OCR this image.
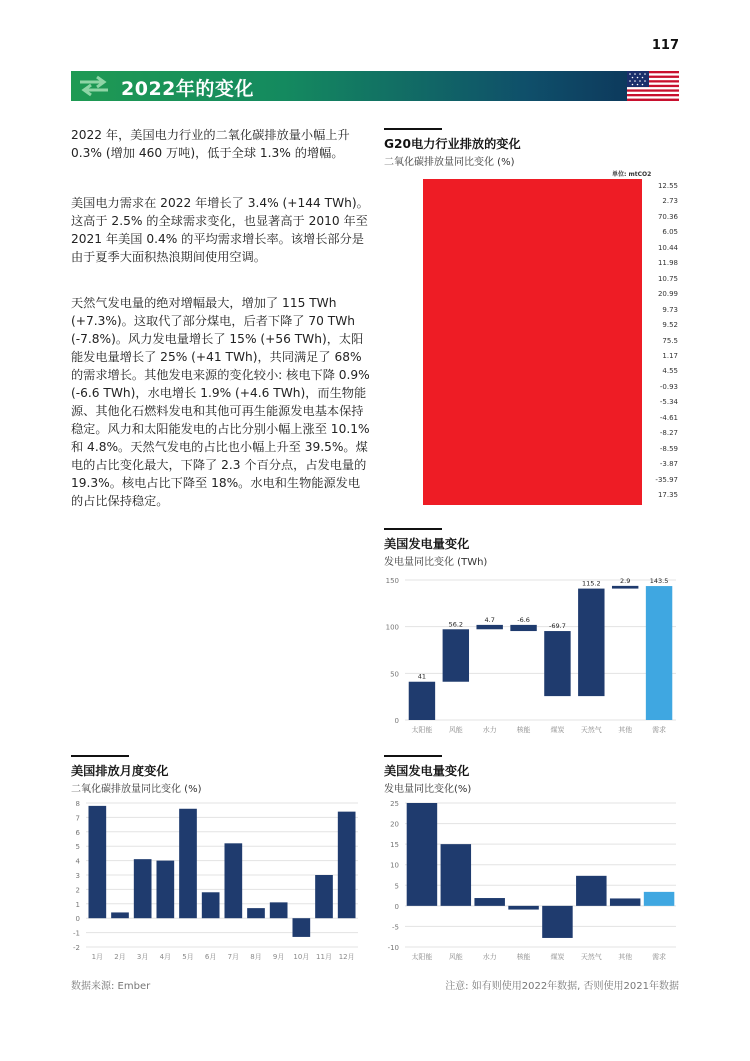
117
2022年的变化
2022 年，美国电力行业的二氧化碳排放量小幅上升 0.3% (增加 460 万吨)，低于全球 1.3% 的增幅。
美国电力需求在 2022 年增长了 3.4% (+144 TWh)。这高于 2.5% 的全球需求变化，也显著高于 2010 年至 2021 年美国 0.4% 的平均需求增长率。该增长部分是由于夏季大面积热浪期间使用空调。
天然气发电量的绝对增幅最大，增加了 115 TWh (+7.3%)。这取代了部分煤电，后者下降了 70 TWh (-7.8%)。风力发电量增长了 15% (+56 TWh)，太阳能发电量增长了 25% (+41 TWh)，共同满足了 68% 的需求增长。其他发电来源的变化较小: 核电下降 0.9% (-6.6 TWh)，水电增长 1.9% (+4.6 TWh)，而生物能源、其他化石燃料发电和其他可再生能源发电基本保持稳定。风力和太阳能发电的占比分别小幅上涨至 10.1% 和 4.8%。天然气发电的占比也小幅上升至 39.5%。煤电的占比变化最大，下降了 2.3 个百分点，占发电量的 19.3%。核电占比下降至 18%。水电和生物能源发电的占比保持稳定。
G20电力行业排放的变化
二氧化碳排放量同比变化 (%)
单位: mtCO2
12.55
2.73
70.36
6.05
10.44
11.98
10.75
20.99
9.73
9.52
75.5
1.17
4.55
-0.93
-5.34
-4.61
-8.27
-8.59
-3.87
-35.97
17.35
美国发电量变化
发电量同比变化 (TWh)
0
50
100
150
41
太阳能
56.2
风能
4.7
水力
-6.6
核能
-69.7
煤炭
115.2
天然气
2.9
其他
143.5
需求
美国排放月度变化
二氧化碳排放量同比变化 (%)
-2
-1
0
1
2
3
4
5
6
7
8
1月 2月 3月 4月 5月 6月 7月 8月 9月 10月 11月 12月
美国发电量变化
发电量同比变化(%)
-10
-5
0
5
10
15
20
25
太阳能 风能	水力	核能	煤炭 天然气 其他	需求
数据来源: Ember	注意: 如有则使用2022年数据, 否则使用2021年数据
